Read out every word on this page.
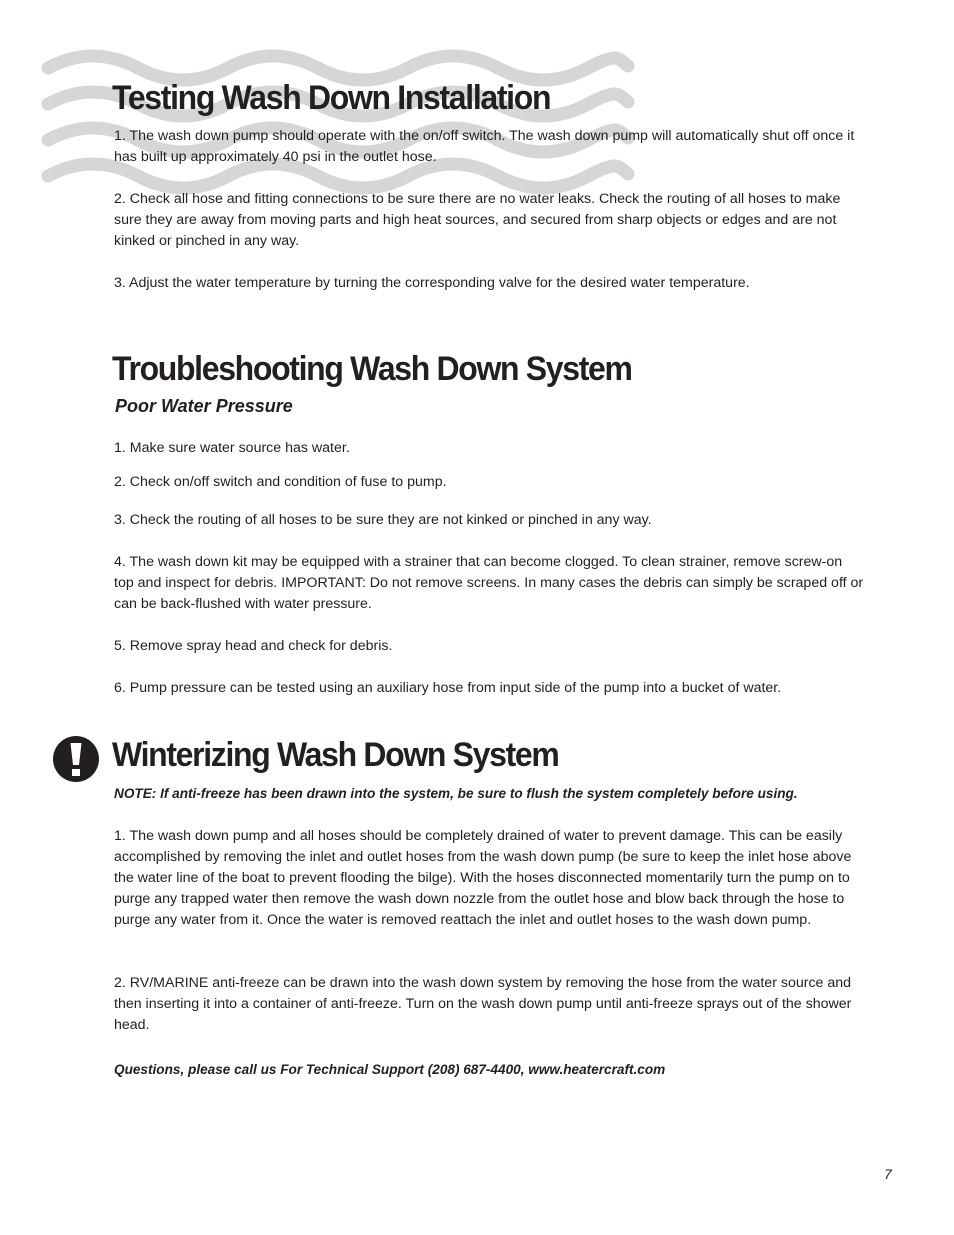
Testing Wash Down Installation

1. The wash down pump should operate with the on/off switch. The wash down pump will automatically shut off once it has built up approximately 40 psi in the outlet hose.

2. Check all hose and fitting connections to be sure there are no water leaks. Check the routing of all hoses to make sure they are away from moving parts and high heat sources, and secured from sharp objects or edges and are not kinked or pinched in any way.

3. Adjust the water temperature by turning the corresponding valve for the desired water temperature.

Troubleshooting Wash Down System

Poor Water Pressure

1. Make sure water source has water.

2. Check on/off switch and condition of fuse to pump.

3. Check the routing of all hoses to be sure they are not kinked or pinched in any way.

4. The wash down kit may be equipped with a strainer that can become clogged. To clean strainer, remove screw-on top and inspect for debris. IMPORTANT: Do not remove screens. In many cases the debris can simply be scraped off or can be back-flushed with water pressure.

5. Remove spray head and check for debris.

6. Pump pressure can be tested using an auxiliary hose from input side of the pump into a bucket of water.

Winterizing Wash Down System

NOTE: If anti-freeze has been drawn into the system, be sure to flush the system completely before using.

1. The wash down pump and all hoses should be completely drained of water to prevent damage. This can be easily accomplished by removing the inlet and outlet hoses from the wash down pump (be sure to keep the inlet hose above the water line of the boat to prevent flooding the bilge). With the hoses disconnected momentarily turn the pump on to purge any trapped water then remove the wash down nozzle from the outlet hose and blow back through the hose to purge any water from it. Once the water is removed reattach the inlet and outlet hoses to the wash down pump.

2. RV/MARINE anti-freeze can be drawn into the wash down system by removing the hose from the water source and then inserting it into a container of anti-freeze. Turn on the wash down pump until anti-freeze sprays out of the shower head.

Questions, please call us For Technical Support (208) 687-4400, www.heatercraft.com

7
